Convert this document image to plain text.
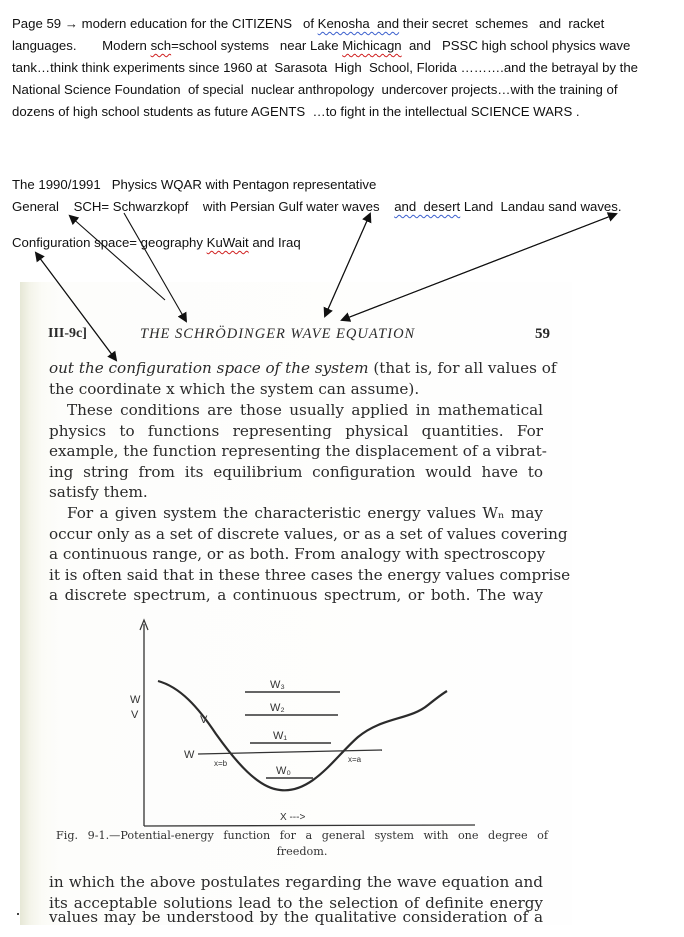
Page 59 → modern education for the CITIZENS   of Kenosha  and their secret  schemes   and  racket
languages.       Modern sch=school systems   near Lake Michicagn  and   PSSC high school physics wave
tank…think think experiments since 1960 at  Sarasota  High  School, Florida ……….and the betrayal by the
National Science Foundation  of special  nuclear anthropology  undercover projects…with the training of
dozens of high school students as future AGENTS  …to fight in the intellectual SCIENCE WARS .
The 1990/1991   Physics WQAR with Pentagon representative
General    SCH= Schwarzkopf    with Persian Gulf water waves    and  desert Land  Landau sand waves.
Configuration space= geography KuWait and Iraq
III-9c]	THE SCHRÖDINGER WAVE EQUATION	59
out the configuration space of the system (that is, for all values of
the coordinate x which the system can assume).
These conditions are those usually applied in mathematical
physics to functions representing physical quantities. For
example, the function representing the displacement of a vibrat-
ing string from its equilibrium configuration would have to
satisfy them.
For a given system the characteristic energy values Wₙ may
occur only as a set of discrete values, or as a set of values covering
a continuous range, or as both. From analogy with spectroscopy
it is often said that in these three cases the energy values comprise
a discrete spectrum, a continuous spectrum, or both. The way
W
V	V
W₃
W₂
W₁
W₀
W
x=b	x=a
X --->
Fig. 9-1.—Potential-energy function for a general system with one degree of
freedom.
in which the above postulates regarding the wave equation and
its acceptable solutions lead to the selection of definite energy
values may be understood by the qualitative consideration of a
